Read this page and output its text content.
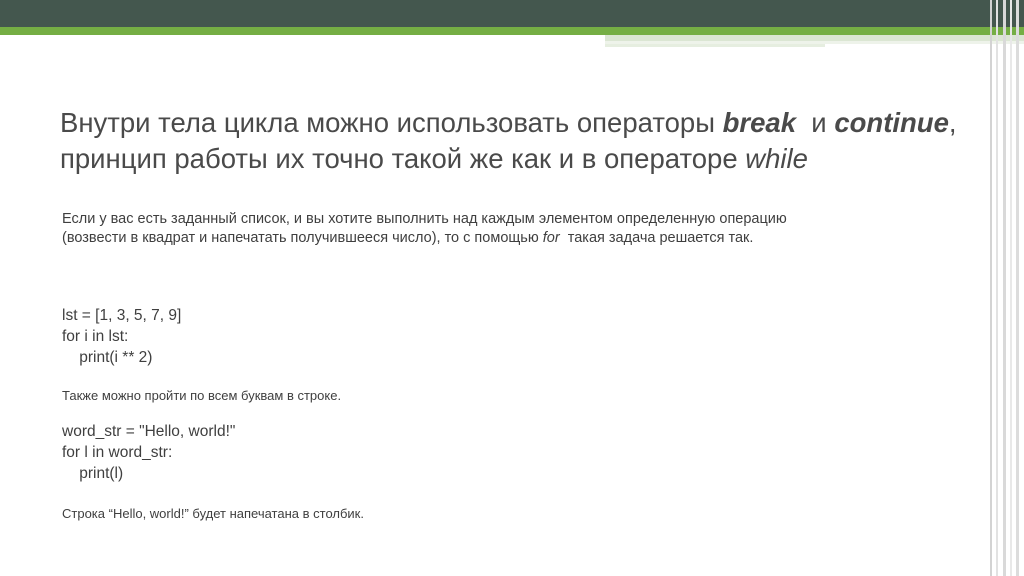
Внутри тела цикла можно использовать операторы break  и continue,
принцип работы их точно такой же как и в операторе while
Если у вас есть заданный список, и вы хотите выполнить над каждым элементом определенную операцию (возвести в квадрат и напечатать получившееся число), то с помощью for  такая задача решается так.
lst = [1, 3, 5, 7, 9]
for i in lst:
print(i ** 2)
Также можно пройти по всем буквам в строке.
word_str = "Hello, world!"
for l in word_str:
print(l)
Строка “Hello, world!” будет напечатана в столбик.
